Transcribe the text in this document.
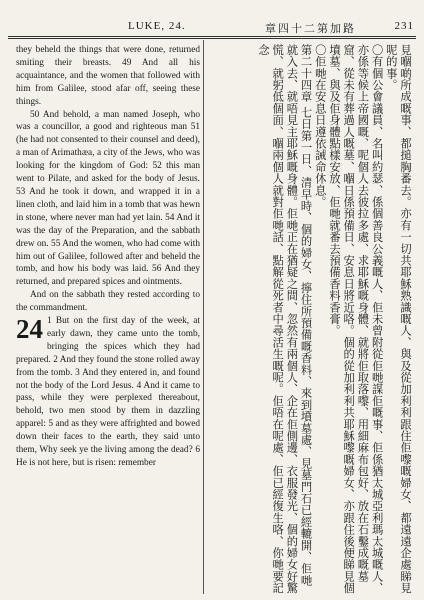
LUKE, 24.	章四十二第加路	231

they beheld the things that were done, returned smiting their breasts. 49 And all his acquaintance, and the women that followed with him from Galilee, stood afar off, seeing these things.

50 And behold, a man named Joseph, who was a councillor, a good and righteous man 51 (he had not consented to their counsel and deed), a man of Arimathæa, a city of the Jews, who was looking for the kingdom of God: 52 this man went to Pilate, and asked for the body of Jesus. 53 And he took it down, and wrapped it in a linen cloth, and laid him in a tomb that was hewn in stone, where never man had yet lain. 54 And it was the day of the Preparation, and the sabbath drew on. 55 And the women, who had come with him out of Galilee, followed after and beheld the tomb, and how his body was laid. 56 And they returned, and prepared spices and ointments.

And on the sabbath they rested according to the commandment.

24 1 But on the first day of the week, at early dawn, they came unto the tomb, bringing the spices which they had prepared. 2 And they found the stone rolled away from the tomb. 3 And they entered in, and found not the body of the Lord Jesus. 4 And it came to pass, while they were perplexed thereabout, behold, two men stood by them in dazzling apparel: 5 and as they were affrighted and bowed down their faces to the earth, they said unto them, Why seek ye the living among the dead? 6 He is not here, but is risen: remember	見嗰啲所成嘅事、都搥胸番去。亦有一切共耶穌熟識嘅人、與及從加利利跟住佢嚟嘅婦女、都遠遠企處睇見呢的事。

〇有個公會議員、名叫約瑟、係個善良公義嘅人、佢未曾附從佢哋謀佢嘅事、佢係猶太城亞利瑪太城嘅人、亦係等候上帝國嘅、呢個人去彼拉多處、求耶穌嘅身體、就將佢取落嚟、用細麻布包好、放在石鑿成嘅墓窟、從未有葬過人嘅墓、嗰日係預備日、安息日將近咯。個的從加利利共耶穌嚟嘅婦女、亦跟住後便睇見個墳墓、與及佢身體點樣安放、佢哋就番去預備香料香膏。

〇佢哋在安息日遵依誡命休息。

第二十四章 七日第一日、清早時、個的婦女、擰住所預備嘅香料、來到墳墓處、見墓門石已經轆開、佢哋就入去、就唔見主耶穌嘅身體。佢哋正在猶疑之間、忽然有兩個人、企在佢側邊、衣服發光、個的婦女好驚慌、就躬低個面、嗰兩個人就對佢哋話、點解從死者中尋活生嘅呢。佢唔在呢處、佢已經復生咯、你哋要記念
